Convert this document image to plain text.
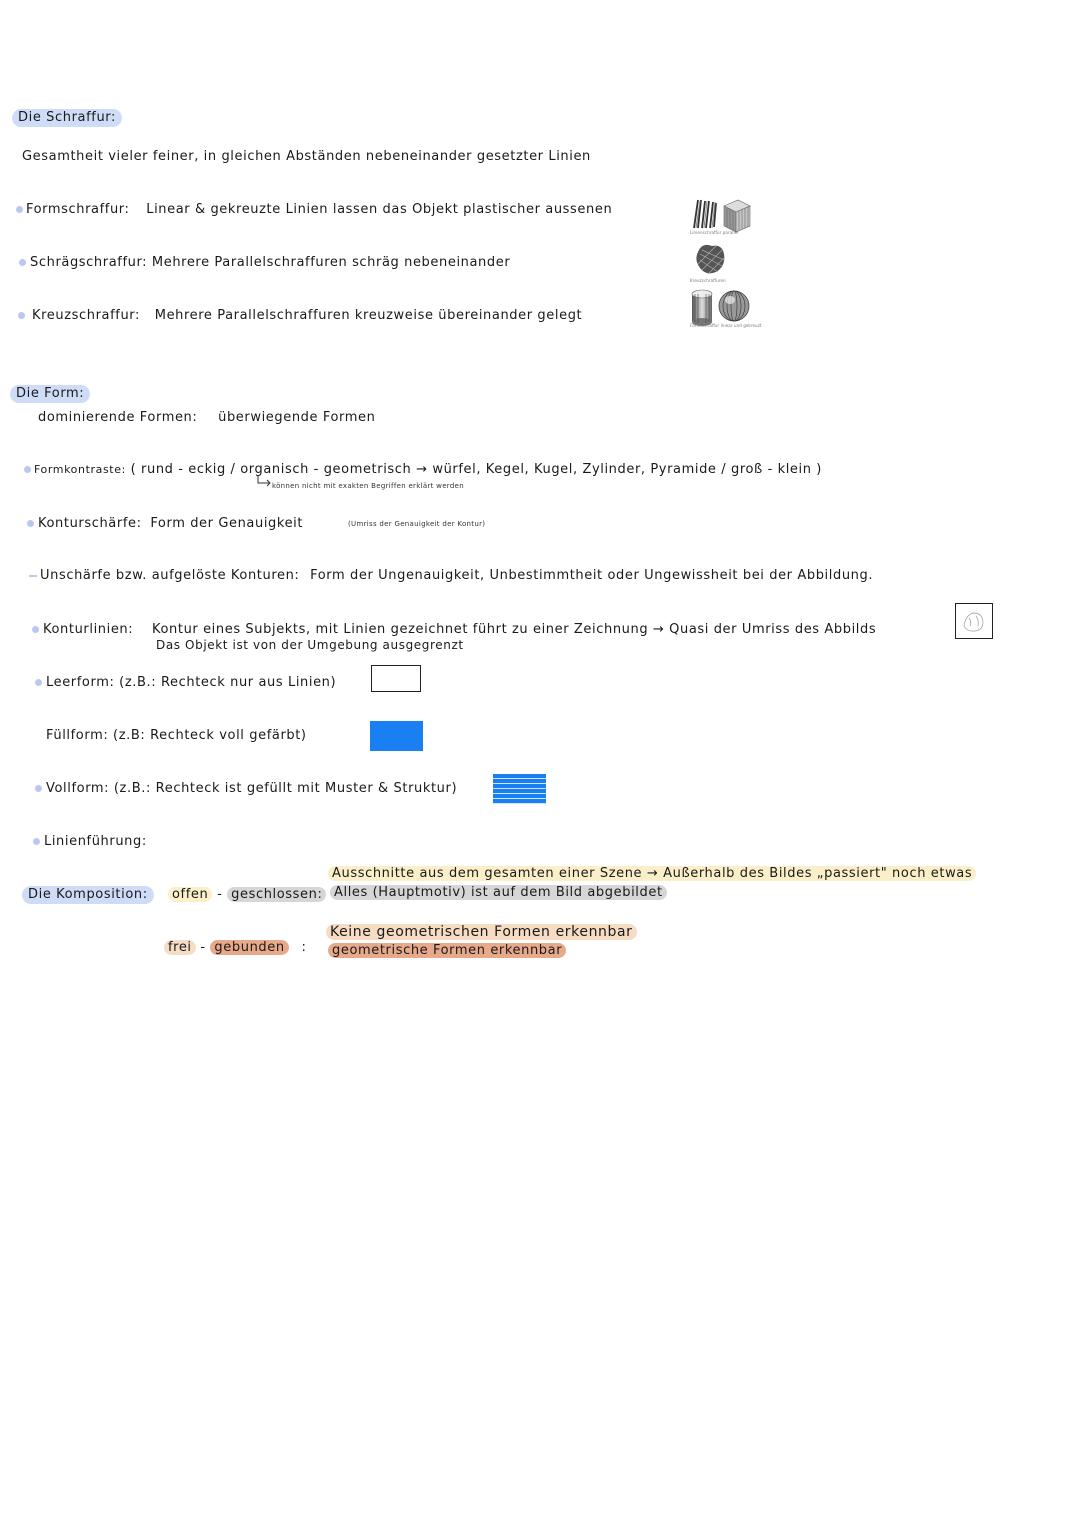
Die Schraffur:
Gesamtheit vieler feiner, in gleichen Abständen nebeneinander gesetzter Linien
Formschraffur: Linear & gekreuzte Linien lassen das Objekt plastischer aussenen
Schrägschraffur: Mehrere Parallelschraffuren schräg nebeneinander
Kreuzschraffur: Mehrere Parallelschraffuren kreuzweise übereinander gelegt
Linienschraffur parallel
Kreuzschraffuren
Formschraffur linear und gekreuzt
Die Form:
dominierende Formen: überwiegende Formen
Formkontraste: ( rund - eckig / organisch - geometrisch → würfel, Kegel, Kugel, Zylinder, Pyramide / groß - klein )
können nicht mit exakten Begriffen erklärt werden
Konturschärfe: Form der Genauigkeit	(Umriss der Genauigkeit der Kontur)
Unschärfe bzw. aufgelöste Konturen: Form der Ungenauigkeit, Unbestimmtheit oder Ungewissheit bei der Abbildung.
Konturlinien: Kontur eines Subjekts, mit Linien gezeichnet führt zu einer Zeichnung → Quasi der Umriss des Abbilds
Das Objekt ist von der Umgebung ausgegrenzt
Leerform: (z.B.: Rechteck nur aus Linien)
Füllform: (z.B: Rechteck voll gefärbt)
Vollform: (z.B.: Rechteck ist gefüllt mit Muster & Struktur)
Linienführung:
Die Komposition:	offen - geschlossen:
Ausschnitte aus dem gesamten einer Szene → Außerhalb des Bildes „passiert" noch etwas
Alles (Hauptmotiv) ist auf dem Bild abgebildet
frei - gebunden :
Keine geometrischen Formen erkennbar
geometrische Formen erkennbar
